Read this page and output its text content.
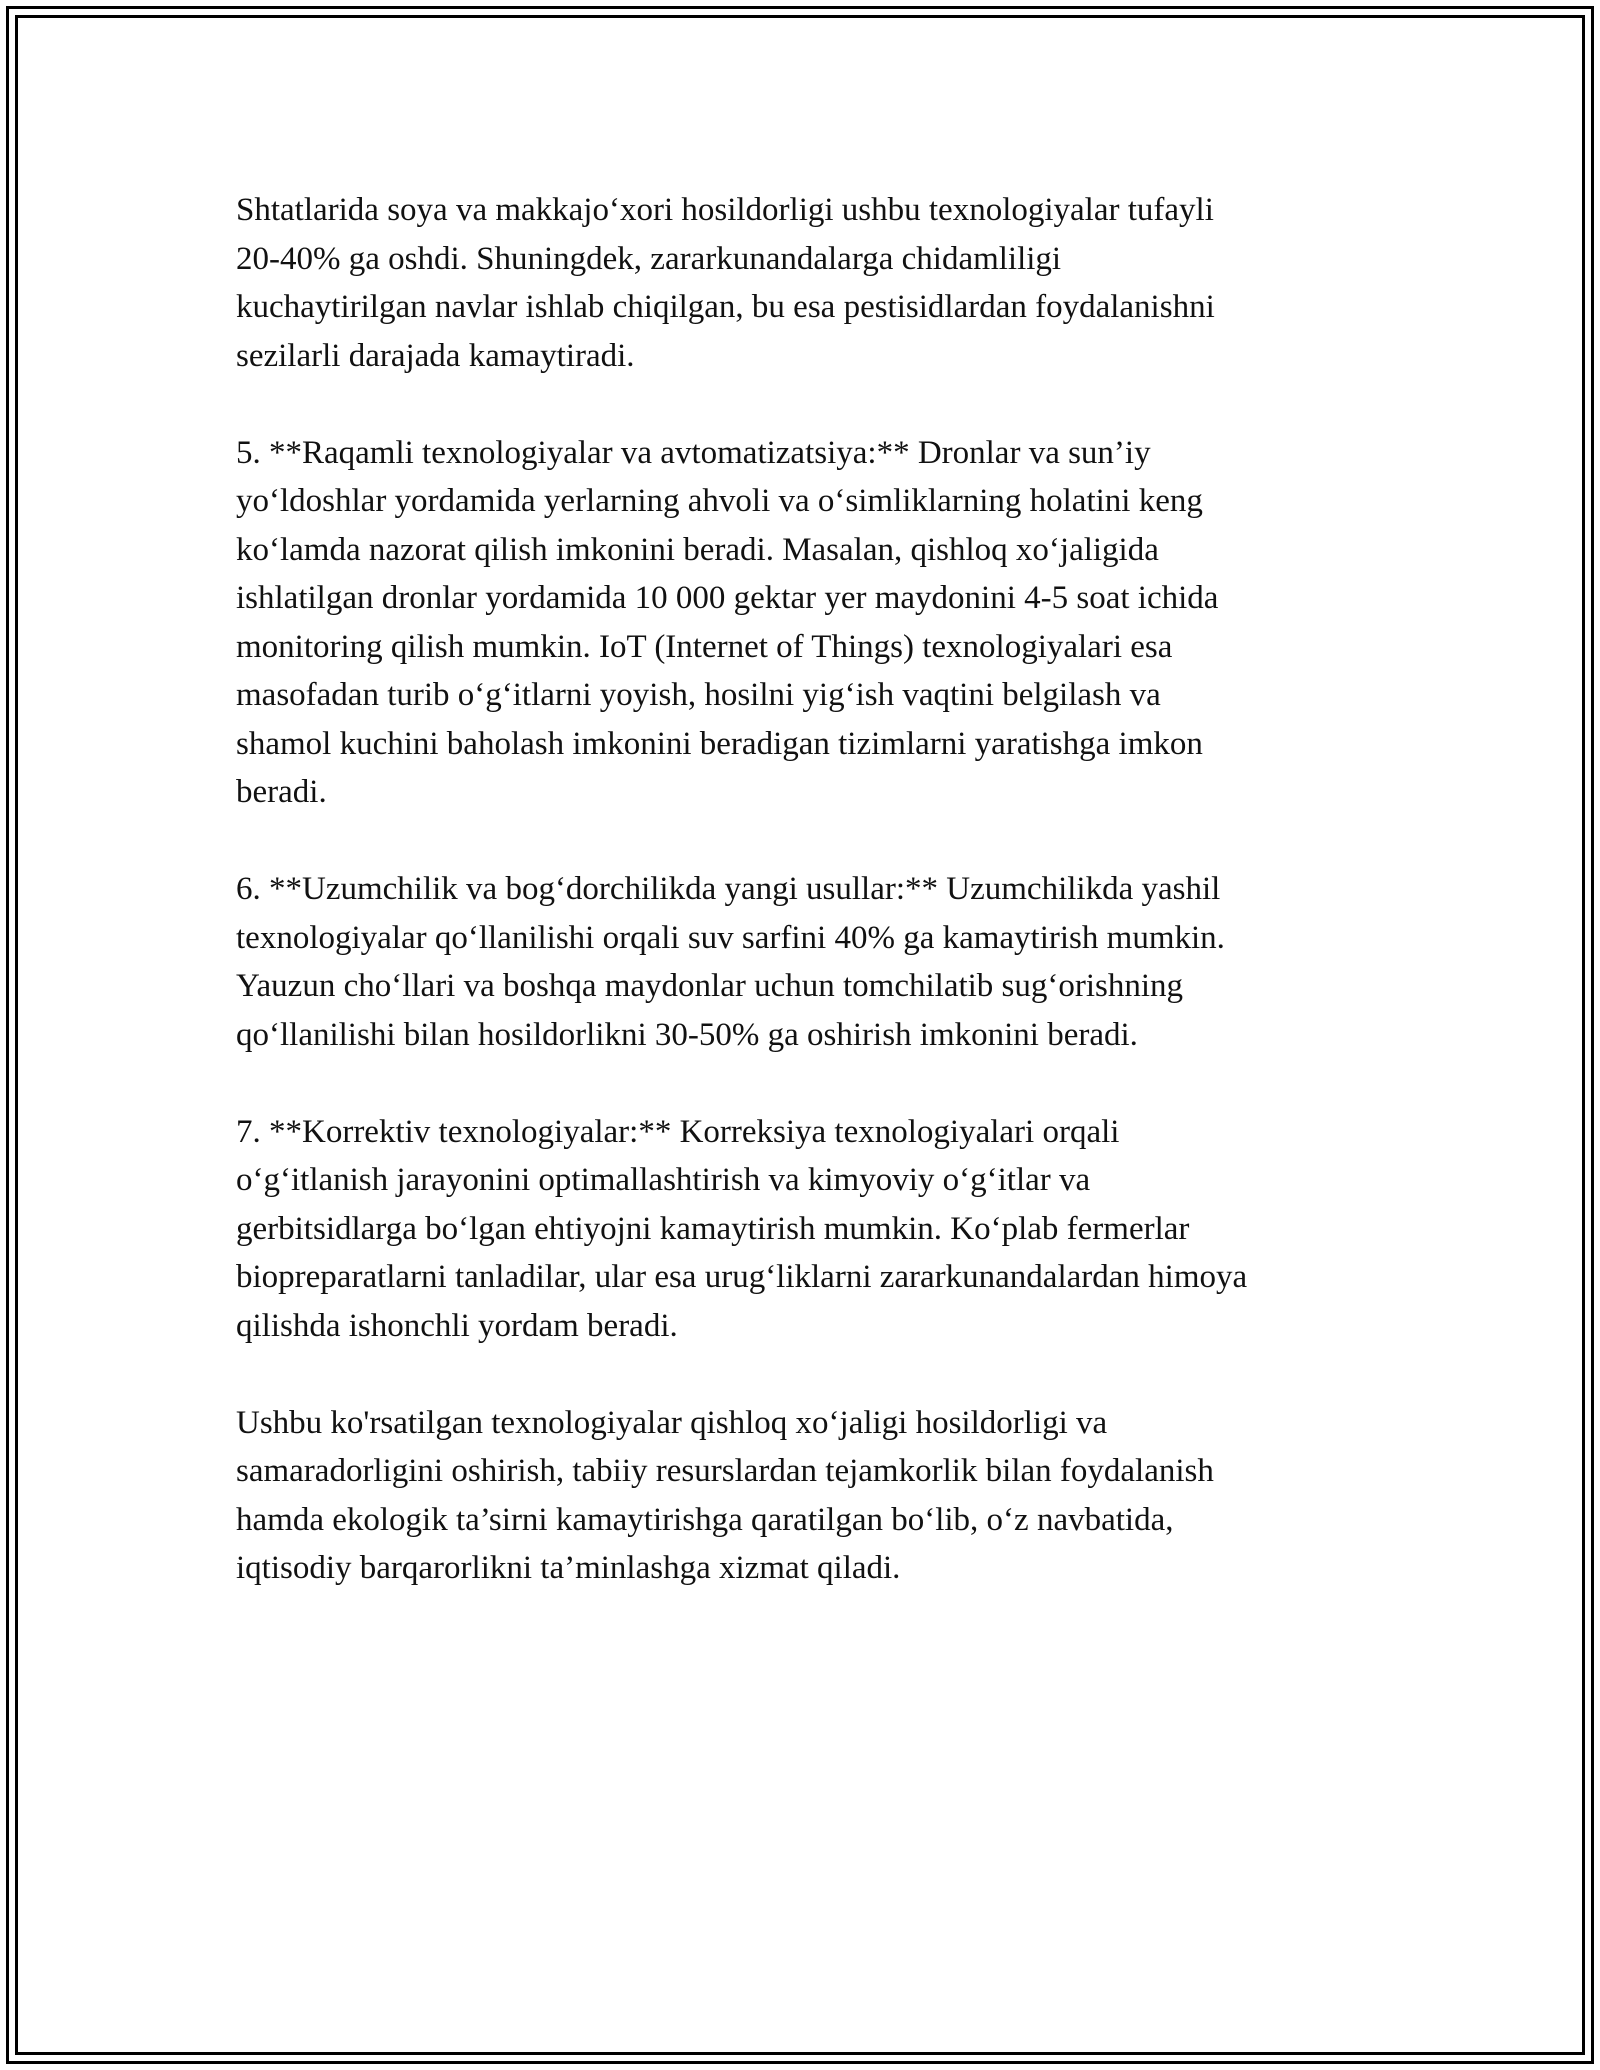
Shtatlarida soya va makkajo‘xori hosildorligi ushbu texnologiyalar tufayli
20-40% ga oshdi. Shuningdek, zararkunandalarga chidamliligi
kuchaytirilgan navlar ishlab chiqilgan, bu esa pestisidlardan foydalanishni
sezilarli darajada kamaytiradi.

5. **Raqamli texnologiyalar va avtomatizatsiya:** Dronlar va sun’iy
yo‘ldoshlar yordamida yerlarning ahvoli va o‘simliklarning holatini keng
ko‘lamda nazorat qilish imkonini beradi. Masalan, qishloq xo‘jaligida
ishlatilgan dronlar yordamida 10 000 gektar yer maydonini 4-5 soat ichida
monitoring qilish mumkin. IoT (Internet of Things) texnologiyalari esa
masofadan turib o‘g‘itlarni yoyish, hosilni yig‘ish vaqtini belgilash va
shamol kuchini baholash imkonini beradigan tizimlarni yaratishga imkon
beradi.

6. **Uzumchilik va bog‘dorchilikda yangi usullar:** Uzumchilikda yashil
texnologiyalar qo‘llanilishi orqali suv sarfini 40% ga kamaytirish mumkin.
Yauzun cho‘llari va boshqa maydonlar uchun tomchilatib sug‘orishning
qo‘llanilishi bilan hosildorlikni 30-50% ga oshirish imkonini beradi.

7. **Korrektiv texnologiyalar:** Korreksiya texnologiyalari orqali
o‘g‘itlanish jarayonini optimallashtirish va kimyoviy o‘g‘itlar va
gerbitsidlarga bo‘lgan ehtiyojni kamaytirish mumkin. Ko‘plab fermerlar
biopreparatlarni tanladilar, ular esa urug‘liklarni zararkunandalardan himoya
qilishda ishonchli yordam beradi.

Ushbu ko'rsatilgan texnologiyalar qishloq xo‘jaligi hosildorligi va
samaradorligini oshirish, tabiiy resurslardan tejamkorlik bilan foydalanish
hamda ekologik ta’sirni kamaytirishga qaratilgan bo‘lib, o‘z navbatida,
iqtisodiy barqarorlikni ta’minlashga xizmat qiladi.
